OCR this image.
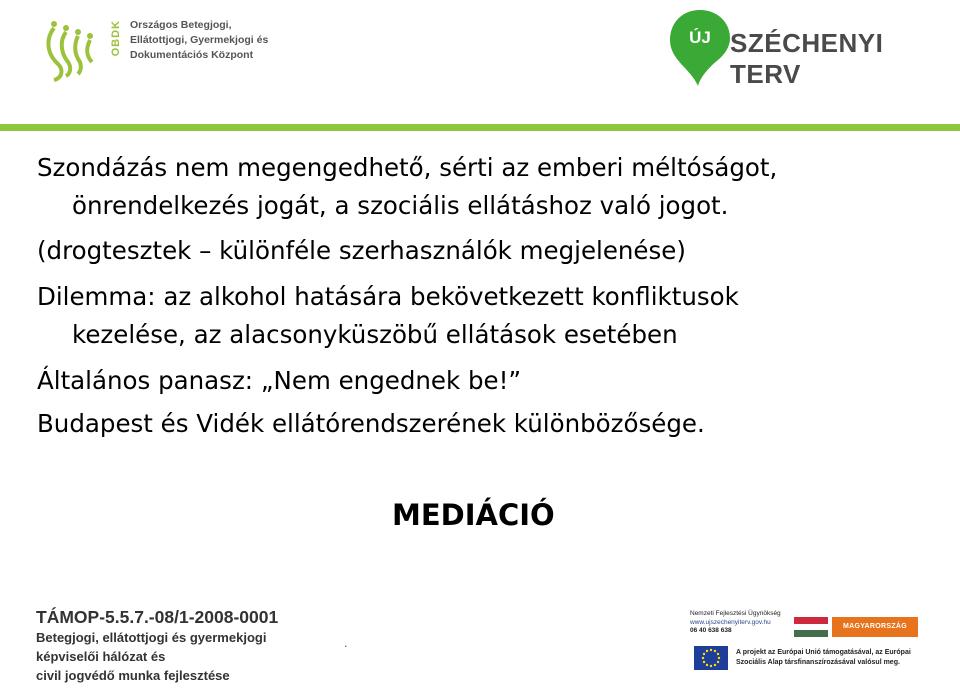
OBDK Országos Betegjogi,
Ellátottjogi, Gyermekjogi és
Dokumentációs Központ
ÚJ SZÉCHENYI TERV
Szondázás nem megengedhető, sérti az emberi méltóságot,
önrendelkezés jogát, a szociális ellátáshoz való jogot.
(drogtesztek – különféle szerhasználók megjelenése)
Dilemma: az alkohol hatására bekövetkezett konfliktusok
kezelése, az alacsonyküszöbű ellátások esetében
Általános panasz: „Nem engednek be!”
Budapest és Vidék ellátórendszerének különbözősége.
MEDIÁCIÓ
TÁMOP-5.5.7.-08/1-2008-0001
Betegjogi, ellátottjogi és gyermekjogi
képviselői hálózat és
civil jogvédő munka fejlesztése
.
Nemzeti Fejlesztési Ügynökség
www.ujszechenyiterv.gov.hu
06 40 638 638
MAGYARORSZÁG MEGÚJUL
A projekt az Európai Unió támogatásával, az Európai
Szociális Alap társfinanszírozásával valósul meg.
